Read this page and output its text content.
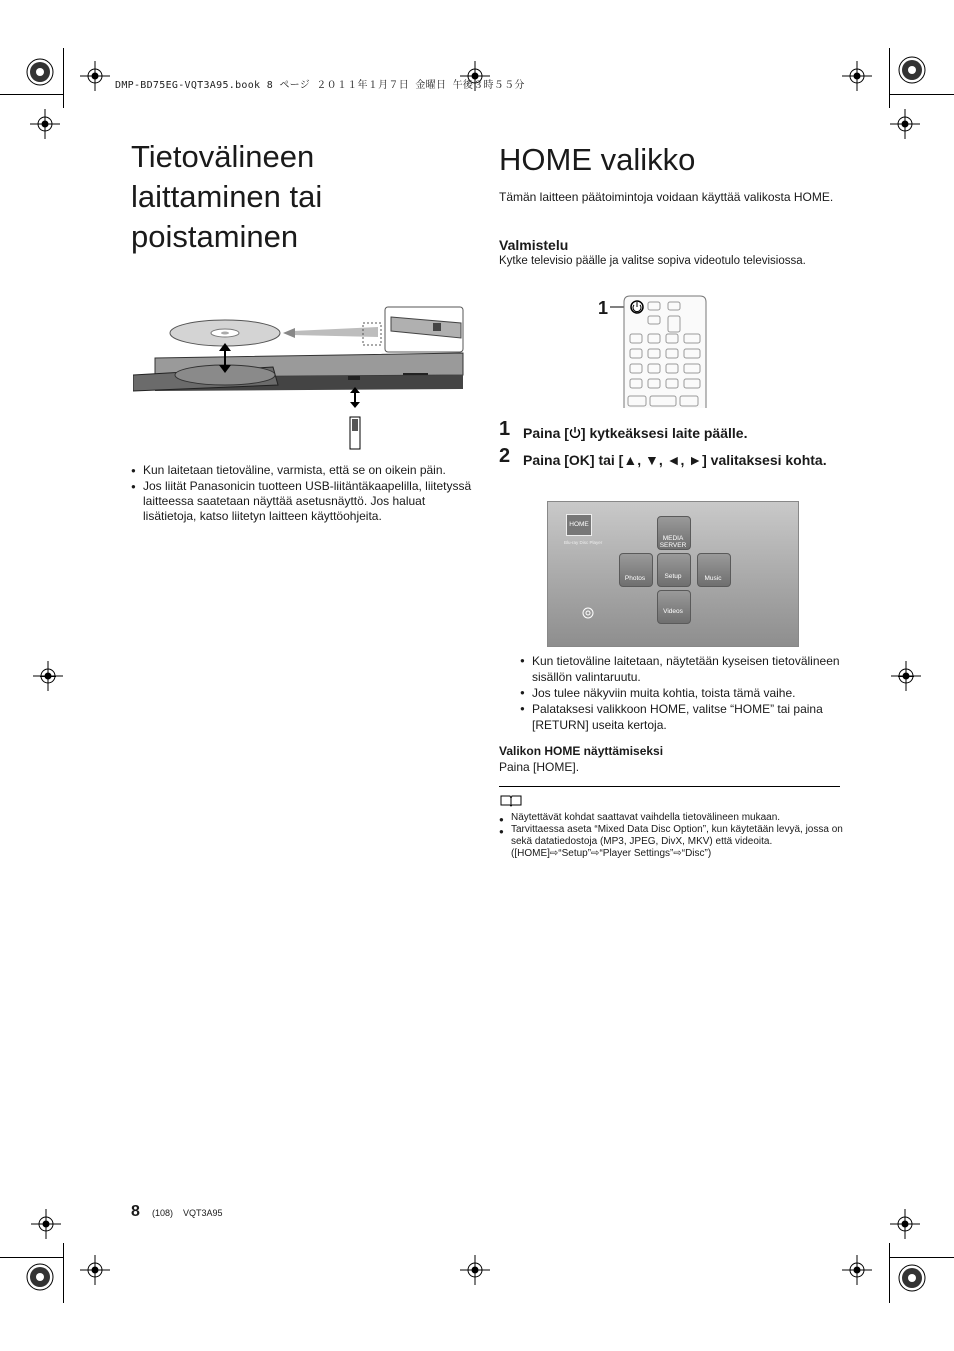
DMP-BD75EG-VQT3A95.book 8 ページ ２０１１年１月７日 金曜日 午後３時５５分
Tietovälineen laittaminen tai poistaminen
● Kun laitetaan tietoväline, varmista, että se on oikein päin.
● Jos liität Panasonicin tuotteen USB-liitäntäkaapelilla, liitetyssä laitteessa saatetaan näyttää asetusnäyttö. Jos haluat lisätietoja, katso liitetyn laitteen käyttöohjeita.
HOME valikko

Tämän laitteen päätoimintoja voidaan käyttää valikosta HOME.

Valmistelu

Kytke televisio päälle ja valitse sopiva videotulo televisiossa.

1
1 Paina [ ] kytkeäksesi laite päälle.
2 Paina [OK] tai [▲, ▼, ◄, ►] valitaksesi kohta.
HOME
Blu-ray Disc Player
MEDIA SERVER
Photos	Setup	Music
Videos
● Kun tietoväline laitetaan, näytetään kyseisen tietovälineen sisällön valintaruutu.
● Jos tulee näkyviin muita kohtia, toista tämä vaihe.
● Palataksesi valikkoon HOME, valitse “HOME” tai paina [RETURN] useita kertoja.

Valikon HOME näyttämiseksi

Paina [HOME].

● Näytettävät kohdat saattavat vaihdella tietovälineen mukaan.
● Tarvittaessa aseta “Mixed Data Disc Option”, kun käytetään levyä, jossa on sekä datatiedostoja (MP3, JPEG, DivX, MKV) että videoita. ([HOME]⇨“Setup”⇨“Player Settings”⇨“Disc”)
8 (108)    VQT3A95
